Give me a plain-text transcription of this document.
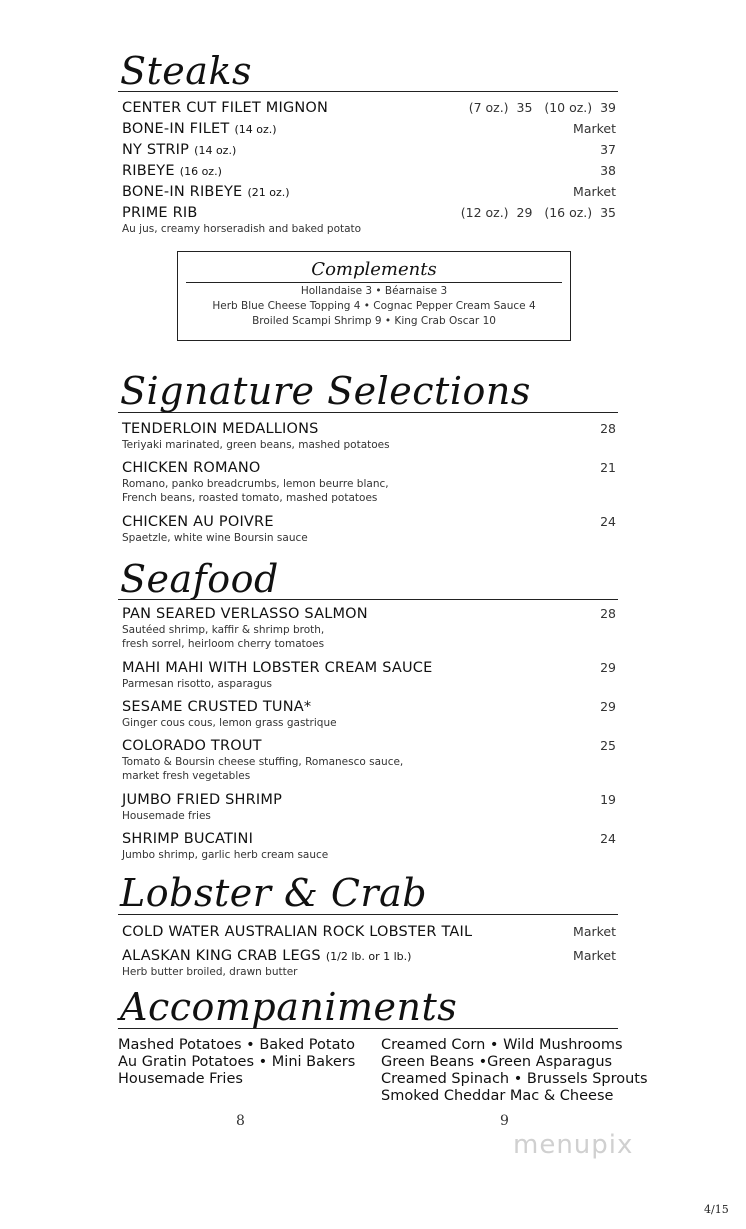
Steaks
CENTER CUT FILET MIGNON	(7 oz.)  35   (10 oz.)  39
BONE-IN FILET (14 oz.)	Market
NY STRIP (14 oz.)	37
RIBEYE (16 oz.)	38
BONE-IN RIBEYE (21 oz.)	Market
PRIME RIB	(12 oz.)  29   (16 oz.)  35
Au jus, creamy horseradish and baked potato
Complements
Hollandaise 3 • Béarnaise 3
Herb Blue Cheese Topping 4 • Cognac Pepper Cream Sauce 4
Broiled Scampi Shrimp 9 • King Crab Oscar 10
Signature Selections
TENDERLOIN MEDALLIONS	28
Teriyaki marinated, green beans, mashed potatoes
CHICKEN ROMANO	21
Romano, panko breadcrumbs, lemon beurre blanc,
French beans, roasted tomato, mashed potatoes
CHICKEN AU POIVRE	24
Spaetzle, white wine Boursin sauce
Seafood
PAN SEARED VERLASSO SALMON	28
Sautéed shrimp, kaffir & shrimp broth,
fresh sorrel, heirloom cherry tomatoes
MAHI MAHI WITH LOBSTER CREAM SAUCE	29
Parmesan risotto, asparagus
SESAME CRUSTED TUNA*	29
Ginger cous cous, lemon grass gastrique
COLORADO TROUT	25
Tomato & Boursin cheese stuffing, Romanesco sauce,
market fresh vegetables
JUMBO FRIED SHRIMP	19
Housemade fries
SHRIMP BUCATINI	24
Jumbo shrimp, garlic herb cream sauce
Lobster & Crab
COLD WATER AUSTRALIAN ROCK LOBSTER TAIL	Market
ALASKAN KING CRAB LEGS (1/2 lb. or 1 lb.)	Market
Herb butter broiled, drawn butter
Accompaniments
Mashed Potatoes • Baked Potato
Au Gratin Potatoes • Mini Bakers
Housemade Fries
Creamed Corn • Wild Mushrooms
Green Beans •Green Asparagus
Creamed Spinach • Brussels Sprouts
Smoked Cheddar Mac & Cheese
8	9
menupix
4/15
